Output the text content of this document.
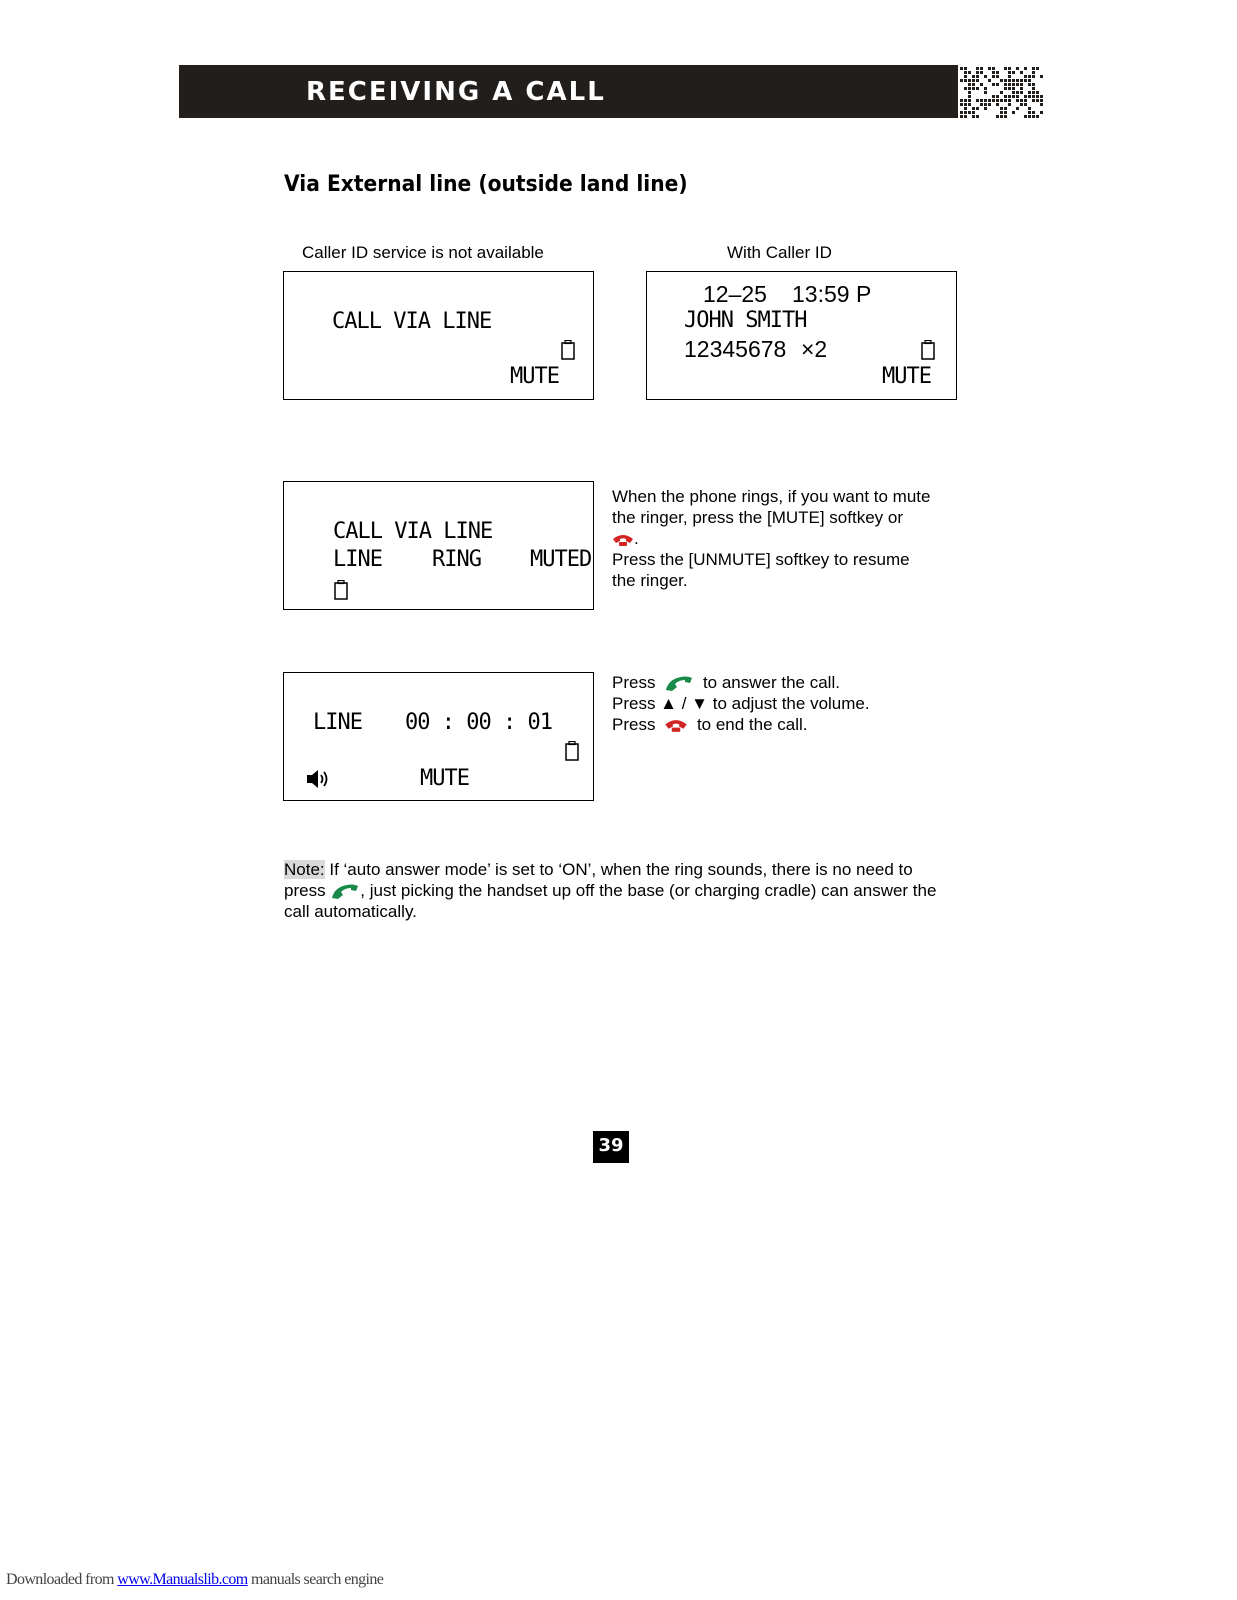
RECEIVING A CALL
Via External line (outside land line)
Caller ID service is not available	With Caller ID
CALL VIA LINE
MUTE
12–25 13:59 P
JOHN SMITH
12345678 ×2
MUTE
CALL VIA LINE
LINE RING MUTED
When the phone rings, if you want to mute
the ringer, press the [MUTE] softkey or
.
Press the [UNMUTE] softkey to resume
the ringer.
LINE 00 : 00 : 01
MUTE
Press	to answer the call.
Press ▲ / ▼ to adjust the volume.
Press to end the call.
Note: If ‘auto answer mode’ is set to ‘ON’, when the ring sounds, there is no need to press , just picking the handset up off the base (or charging cradle) can answer the call automatically.
39
Downloaded from www.Manualslib.com manuals search engine
